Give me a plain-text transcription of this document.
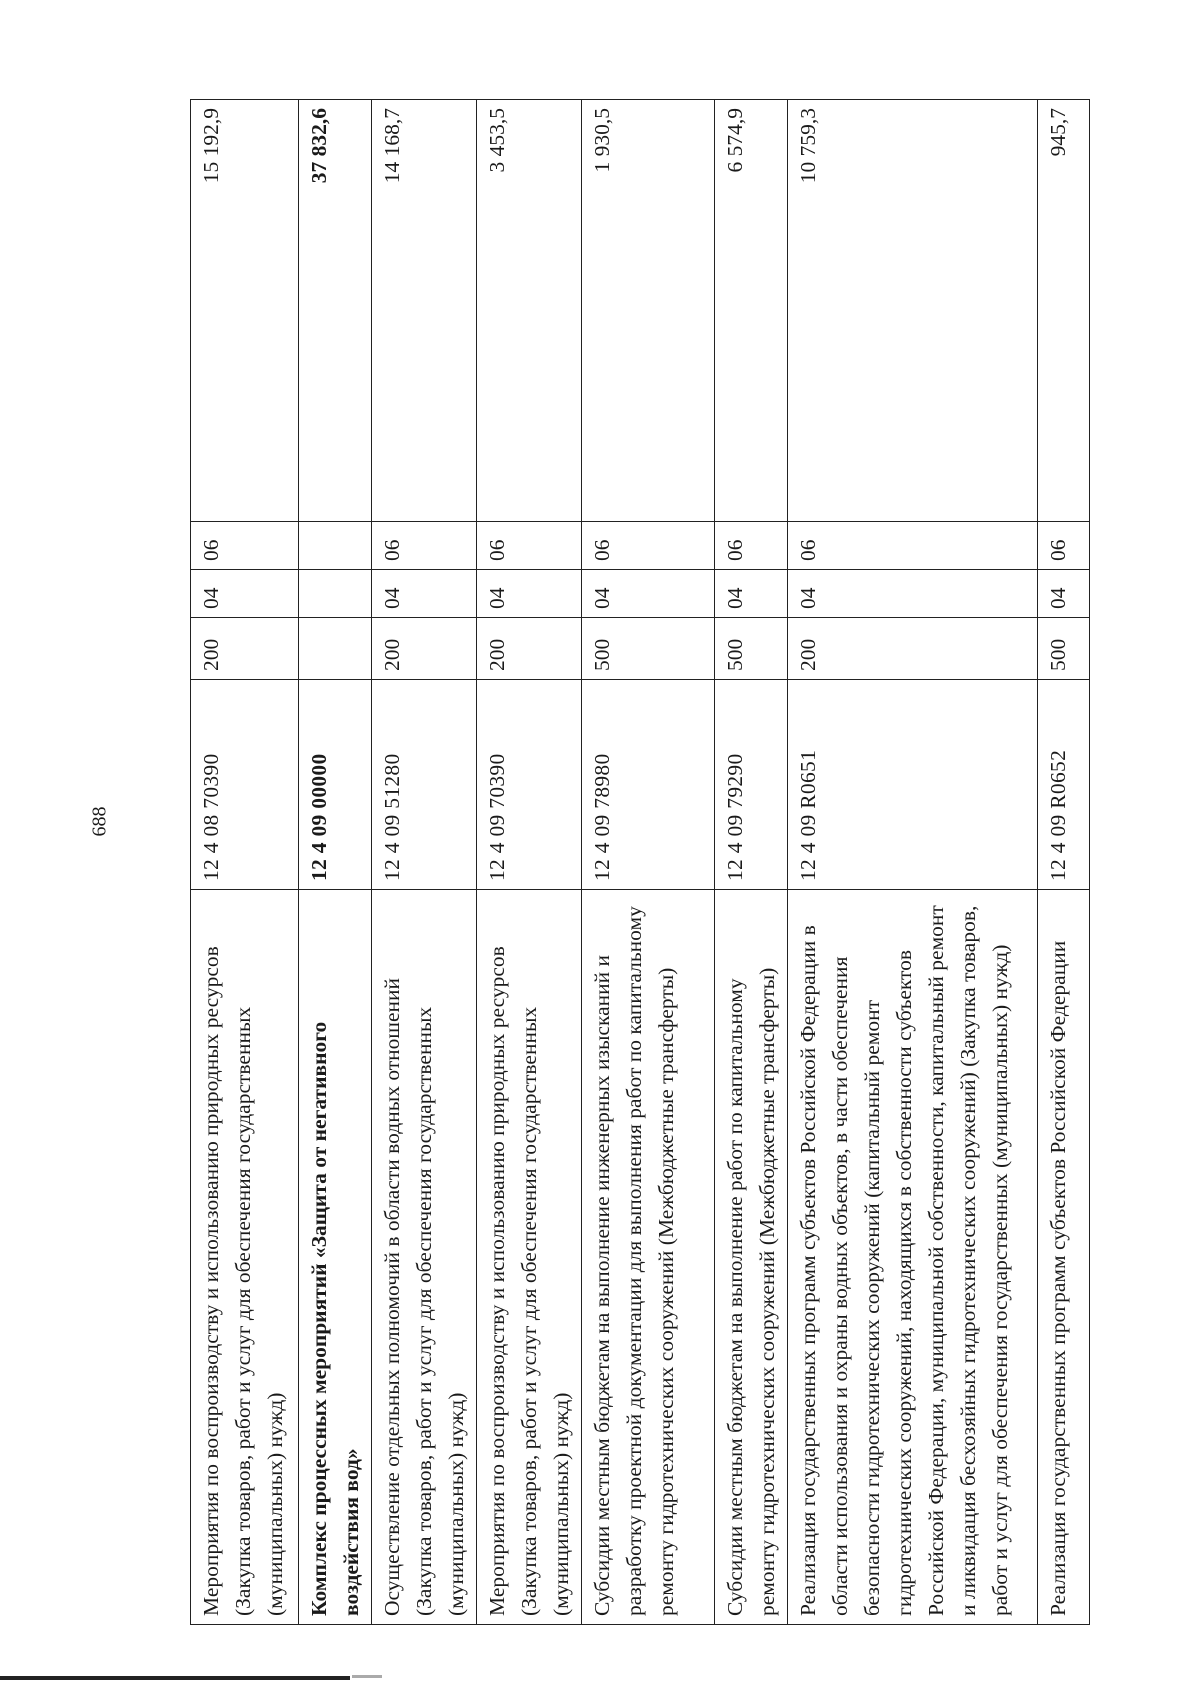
688
Мероприятия по воспроизводству и использованию природных ресурсов (Закупка товаров, работ и услуг для обеспечения государственных (муниципальных) нужд)	12 4 08 70390	200	04	06	15 192,9
Комплекс процессных мероприятий «Защита от негативного воздействия вод»	12 4 09 00000				37 832,6
Осуществление отдельных полномочий в области водных отношений (Закупка товаров, работ и услуг для обеспечения государственных (муниципальных) нужд)	12 4 09 51280	200	04	06	14 168,7
Мероприятия по воспроизводству и использованию природных ресурсов (Закупка товаров, работ и услуг для обеспечения государственных (муниципальных) нужд)	12 4 09 70390	200	04	06	3 453,5
Субсидии местным бюджетам на выполнение инженерных изысканий и разработку проектной документации для выполнения работ по капитальному ремонту гидротехнических сооружений (Межбюджетные трансферты)	12 4 09 78980	500	04	06	1 930,5
Субсидии местным бюджетам на выполнение работ по капитальному ремонту гидротехнических сооружений (Межбюджетные трансферты)	12 4 09 79290	500	04	06	6 574,9
Реализация государственных программ субъектов Российской Федерации в области использования и охраны водных объектов, в части обеспечения безопасности гидротехнических сооружений (капитальный ремонт гидротехнических сооружений, находящихся в собственности субъектов Российской Федерации, муниципальной собственности, капитальный ремонт и ликвидация бесхозяйных гидротехнических сооружений) (Закупка товаров, работ и услуг для обеспечения государственных (муниципальных) нужд)	12 4 09 R0651	200	04	06	10 759,3
Реализация государственных программ субъектов Российской Федерации	12 4 09 R0652	500	04	06	945,7
